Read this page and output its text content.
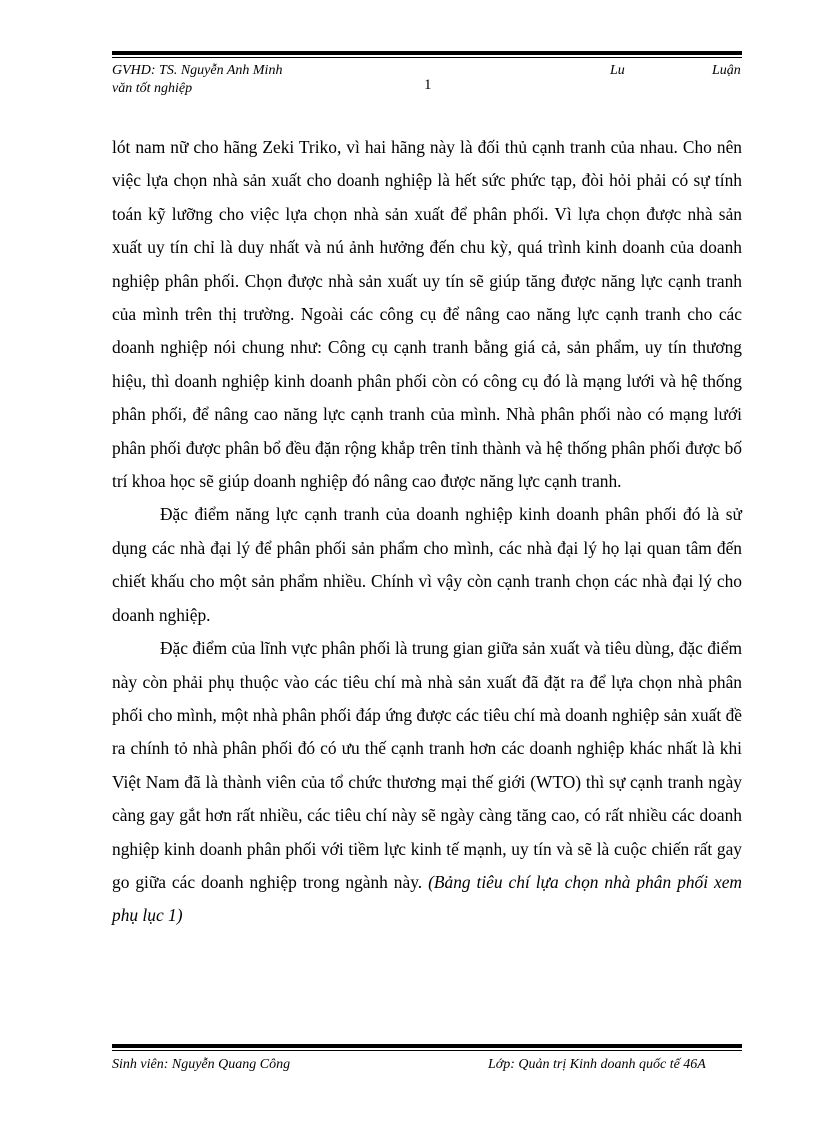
GVHD: TS. Nguyễn Anh Minh
văn tốt nghiệp	1
Lu	Luận

lót nam nữ cho hãng Zeki Triko, vì hai hãng này là đối thủ cạnh tranh của nhau. Cho nên việc lựa chọn nhà sản xuất cho doanh nghiệp là hết sức phức tạp, đòi hỏi phải có sự tính toán kỹ lưỡng cho việc lựa chọn nhà sản xuất để phân phối. Vì lựa chọn được nhà sản xuất uy tín chỉ là duy nhất và nú ảnh hưởng đến chu kỳ, quá trình kinh doanh của doanh nghiệp phân phối. Chọn được nhà sản xuất uy tín sẽ giúp tăng được năng lực cạnh tranh của mình trên thị trường. Ngoài các công cụ để nâng cao năng lực cạnh tranh cho các doanh nghiệp nói chung như: Công cụ cạnh tranh bằng giá cả, sản phẩm, uy tín thương hiệu, thì doanh nghiệp kinh doanh phân phối còn có công cụ đó là mạng lưới và hệ thống phân phối, để nâng cao năng lực cạnh tranh của mình. Nhà phân phối nào có mạng lưới phân phối được phân bổ đều đặn rộng khắp trên tỉnh thành và hệ thống phân phối được bố trí khoa học sẽ giúp doanh nghiệp đó nâng cao được năng lực cạnh tranh.

Đặc điểm năng lực cạnh tranh của doanh nghiệp kinh doanh phân phối đó là sử dụng các nhà đại lý để phân phối sản phẩm cho mình, các nhà đại lý họ lại quan tâm đến chiết khấu cho một sản phẩm nhiều. Chính vì vậy còn cạnh tranh chọn các nhà đại lý cho doanh nghiệp.

Đặc điểm của lĩnh vực phân phối là trung gian giữa sản xuất và tiêu dùng, đặc điểm này còn phải phụ thuộc vào các tiêu chí mà nhà sản xuất đã đặt ra để lựa chọn nhà phân phối cho mình, một nhà phân phối đáp ứng được các tiêu chí mà doanh nghiệp sản xuất đề ra chính tỏ nhà phân phối đó có ưu thế cạnh tranh hơn các doanh nghiệp khác nhất là khi Việt Nam đã là thành viên của tổ chức thương mại thế giới (WTO) thì sự cạnh tranh ngày càng gay gắt hơn rất nhiều, các tiêu chí này sẽ ngày càng tăng cao, có rất nhiều các doanh nghiệp kinh doanh phân phối với tiềm lực kinh tế mạnh, uy tín và sẽ là cuộc chiến rất gay go giữa các doanh nghiệp trong ngành này. (Bảng tiêu chí lựa chọn nhà phân phối xem phụ lục 1)

Sinh viên: Nguyễn Quang Công	Lớp: Quản trị Kinh doanh quốc tế 46A
